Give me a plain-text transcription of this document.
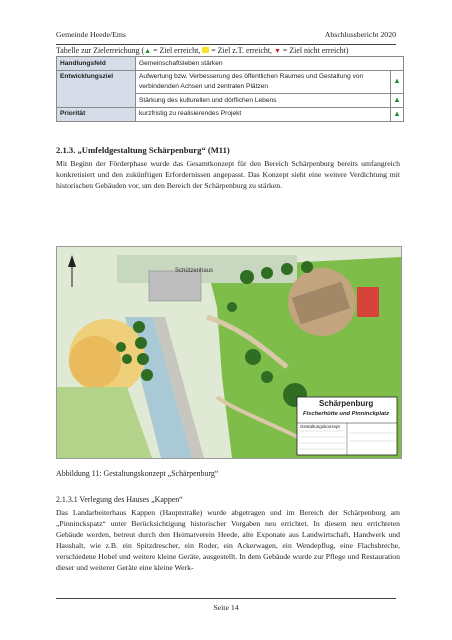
Gemeinde Heede/Ems	Abschlussbericht 2020
Tabelle zur Zielerreichung (▲ = Ziel erreicht,  = Ziel z.T. erreicht, ▼ = Ziel nicht erreicht)
Handlungsfeld	Gemeinschaftsleben stärken	
Entwicklungsziel	Aufwertung bzw. Verbesserung des öffentlichen Raumes und Gestaltung von verbindenden Achsen und zentralen Plätzen	▲
	Stärkung des kulturellen und dörflichen Lebens	▲
Priorität	kurzfristig zu realisierendes Projekt	▲
2.1.3. „Umfeldgestaltung Schärpenburg“ (M11)
Mit Beginn der Förderphase wurde das Gesamtkonzept für den Bereich Schärpenburg bereits umfangreich konkretisiert und den zukünftigen Erfordernissen angepasst. Das Konzept sieht eine weitere Verdichtung mit historischen Gebäuden vor, um den Bereich der Schärpenburg zu stärken.
Schützenhaus
Schärpenburg
Fischerhütte und Pinninckplatz
Gestaltungskonzept
Abbildung 11: Gestaltungskonzept „Schärpenburg“
2.1.3.1 Verlegung des Hauses „Kappen“
Das Landarbeiterhaus Kappen (Hauptstraße) wurde abgetragen und im Bereich der Schärpenburg am „Pinninckspatz“ unter Berücksichtigung historischer Vorgaben neu errichtet. In diesem neu errichteten Gebäude werden, betreut durch den Heimatverein Heede, alte Exponate aus Landwirtschaft, Handwerk und Haushalt, wie z.B. ein Spitzdrescher, ein Roder, ein Ackerwagen, ein Wendepflug, eine Flachsbreche, verschiedene Hobel und weitere kleine Geräte, ausgestellt. In dem Gebäude wurde zur Pflege und Restauration dieser und weiterer Geräte eine kleine Werk-
Seite 14
